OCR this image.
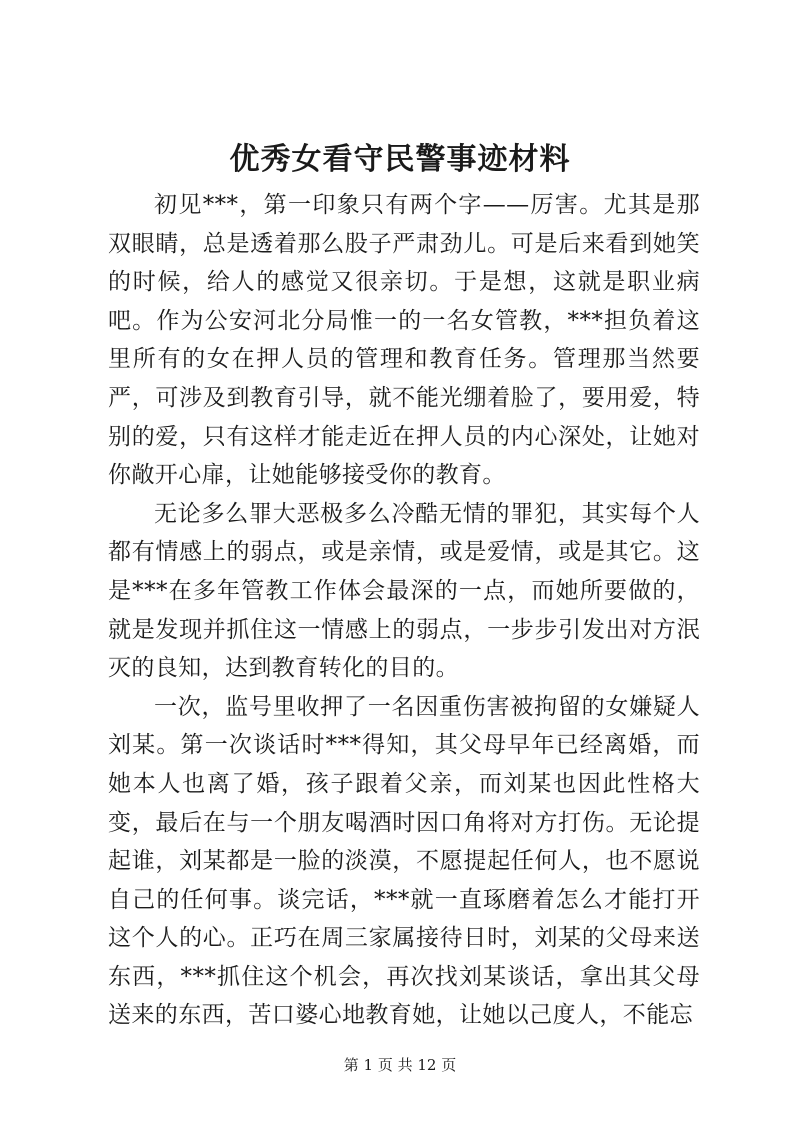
优秀女看守民警事迹材料

初见***，第一印象只有两个字——厉害。尤其是那双眼睛，总是透着那么股子严肃劲儿。可是后来看到她笑的时候，给人的感觉又很亲切。于是想，这就是职业病吧。作为公安河北分局惟一的一名女管教，***担负着这里所有的女在押人员的管理和教育任务。管理那当然要严，可涉及到教育引导，就不能光绷着脸了，要用爱，特别的爱，只有这样才能走近在押人员的内心深处，让她对你敞开心扉，让她能够接受你的教育。

无论多么罪大恶极多么冷酷无情的罪犯，其实每个人都有情感上的弱点，或是亲情，或是爱情，或是其它。这是***在多年管教工作体会最深的一点，而她所要做的，就是发现并抓住这一情感上的弱点，一步步引发出对方泯灭的良知，达到教育转化的目的。

一次，监号里收押了一名因重伤害被拘留的女嫌疑人刘某。第一次谈话时***得知，其父母早年已经离婚，而她本人也离了婚，孩子跟着父亲，而刘某也因此性格大变，最后在与一个朋友喝酒时因口角将对方打伤。无论提起谁，刘某都是一脸的淡漠，不愿提起任何人，也不愿说自己的任何事。谈完话，***就一直琢磨着怎么才能打开这个人的心。正巧在周三家属接待日时，刘某的父母来送东西，***抓住这个机会，再次找刘某谈话，拿出其父母送来的东西，苦口婆心地教育她，让她以己度人，不能忘

第 1 页 共 12 页
